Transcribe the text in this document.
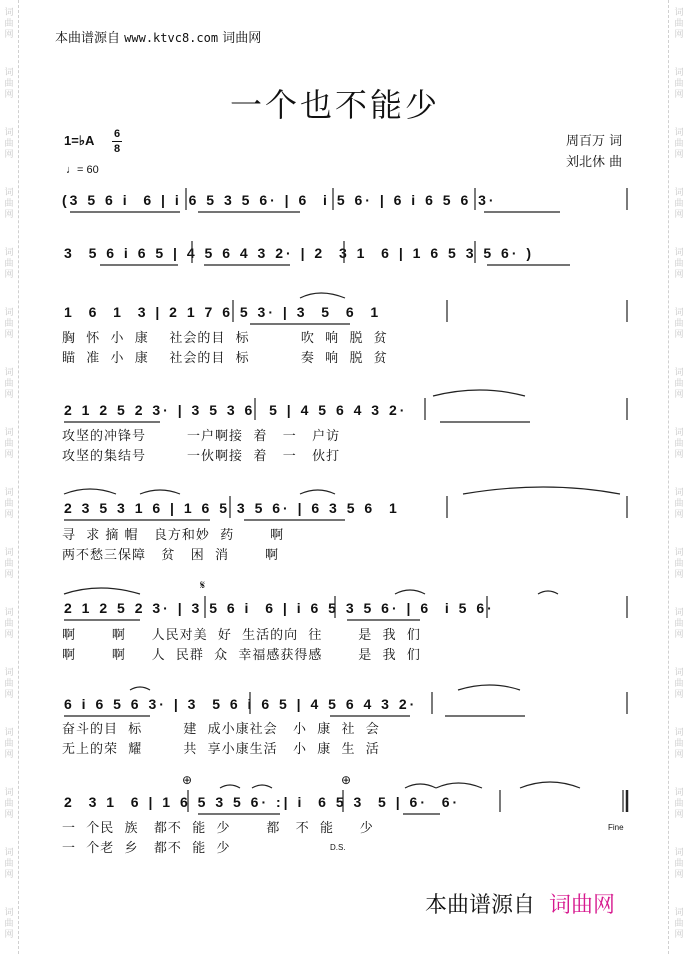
本曲谱源自 www.ktvc8.com 词曲网
一个也不能少
1=♭A 6
8
♩= 60
周百万 词
刘北休 曲
(3 5 6 i  6 | i 6 5 3 5 6· | 6  i 5 6· | 6 i 6 5 6 3·
3  5 6 i 6 5 | 4 5 6 4 3 2· | 2  3 1  6 | 1 6 5 3 5 6· )
1  6  1  3 | 2 1 7 6 5 3· | 3  5  6  1
胸  怀  小  康    社会的目  标          吹  响  脱  贫
瞄  准  小  康    社会的目  标          奏  响  脱  贫
2 1 2 5 2 3· | 3 5 3 6  5 | 4 5 6 4 3 2·
攻坚的冲锋号        一户啊接  着   一   户访
攻坚的集结号        一伙啊接  着   一   伙打
2 3 5 3 1 6 | 1 6 5 3 5 6· | 6 3 5 6  1
寻  求 摘 帽   良方和妙  药       啊
两不愁三保障   贫   困  消       啊
𝄋
2 1 2 5 2 3· | 3 5 6 i  6 | i 6 5 3 5 6· | 6  i 5 6·
啊       啊     人民对美  好  生活的向  往       是  我  们
啊       啊     人  民群  众  幸福感获得感       是  我  们
6 i 6 5 6 3· | 3  5 6 i 6 5 | 4 5 6 4 3 2·
奋斗的目  标        建  成小康社会   小  康  社  会
无上的荣  耀        共  享小康生活   小  康  生  活
⊕	⊕
2  3 1  6 | 1 6 5 3 5 6· :| i  6 5 3  5 | 6·  6·
一  个民  族   都不  能  少       都   不  能     少
一  个老  乡   都不  能  少	D.S.
Fine
本曲谱源自 词曲网
词
曲
网
词
曲
网
词
曲
网
词
曲
网
词
曲
网
词
曲
网
词
曲
网
词
曲
网
词
曲
网
词
曲
网
词
曲
网
词
曲
网
词
曲
网
词
曲
网
词
曲
网
词
曲
网
词
曲
网
词
曲
网
词
曲
网
词
曲
网
词
曲
网
词
曲
网
词
曲
网
词
曲
网
词
曲
网
词
曲
网
词
曲
网
词
曲
网
词
曲
网
词
曲
网
词
曲
网
词
曲
网
